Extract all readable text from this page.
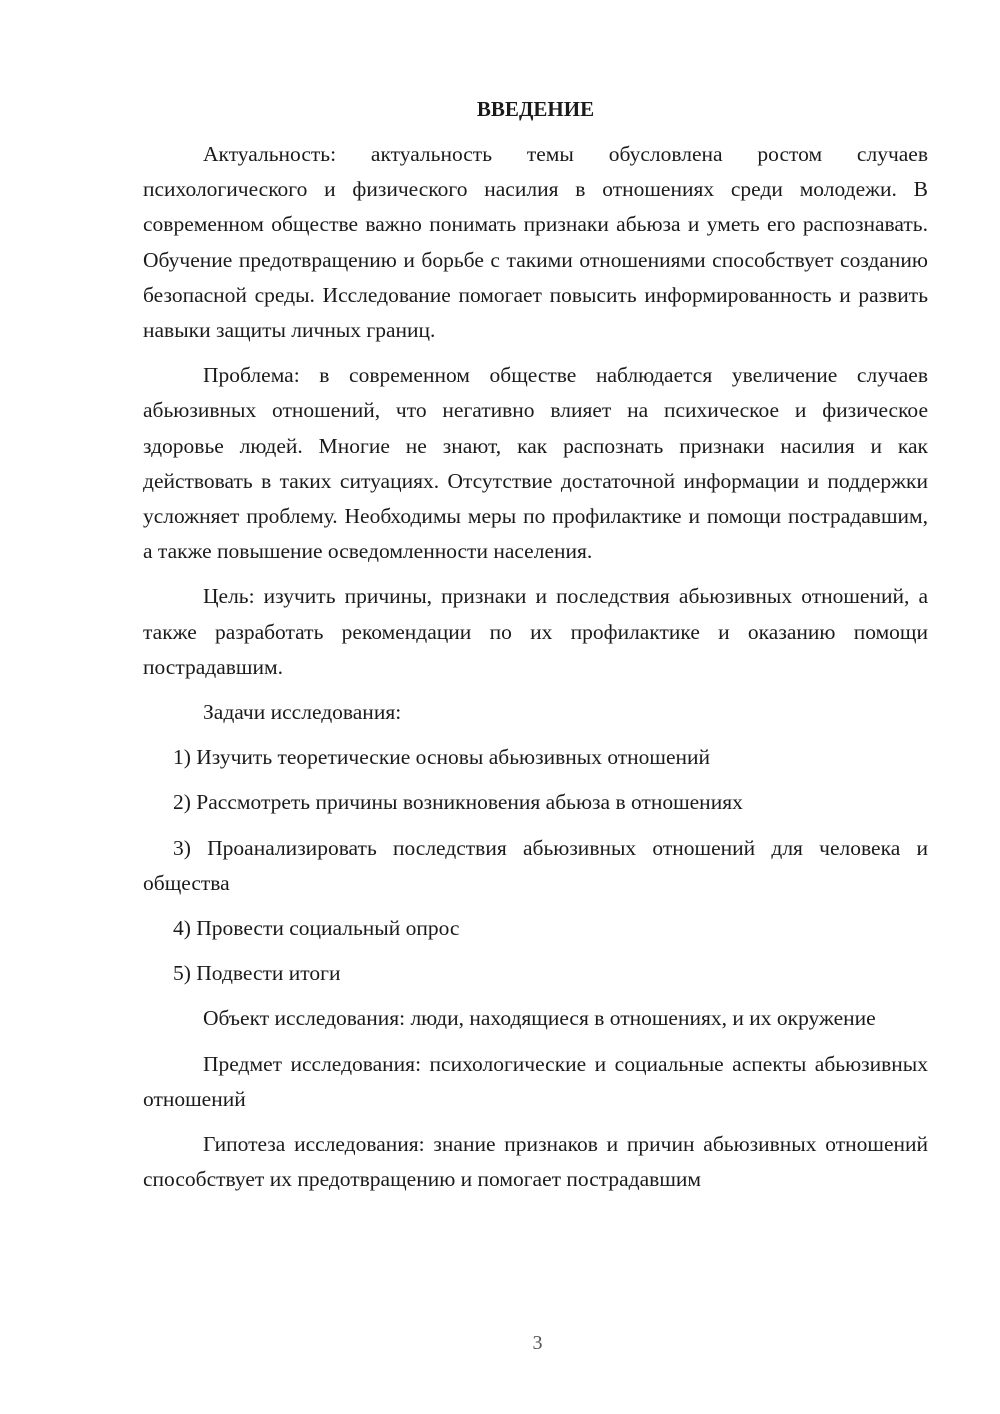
ВВЕДЕНИЕ

Актуальность: актуальность темы обусловлена ростом случаев психологического и физического насилия в отношениях среди молодежи. В современном обществе важно понимать признаки абьюза и уметь его распознавать. Обучение предотвращению и борьбе с такими отношениями способствует созданию безопасной среды. Исследование помогает повысить информированность и развить навыки защиты личных границ.

Проблема: в современном обществе наблюдается увеличение случаев абьюзивных отношений, что негативно влияет на психическое и физическое здоровье людей. Многие не знают, как распознать признаки насилия и как действовать в таких ситуациях. Отсутствие достаточной информации и поддержки усложняет проблему. Необходимы меры по профилактике и помощи пострадавшим, а также повышение осведомленности населения.

Цель: изучить причины, признаки и последствия абьюзивных отношений, а также разработать рекомендации по их профилактике и оказанию помощи пострадавшим.

Задачи исследования:

1) Изучить теоретические основы абьюзивных отношений

2) Рассмотреть причины возникновения абьюза в отношениях

3) Проанализировать последствия абьюзивных отношений для человека и общества

4) Провести социальный опрос

5) Подвести итоги

Объект исследования: люди, находящиеся в отношениях, и их окружение

Предмет исследования: психологические и социальные аспекты абьюзивных отношений

Гипотеза исследования: знание признаков и причин абьюзивных отношений способствует их предотвращению и помогает пострадавшим

3
